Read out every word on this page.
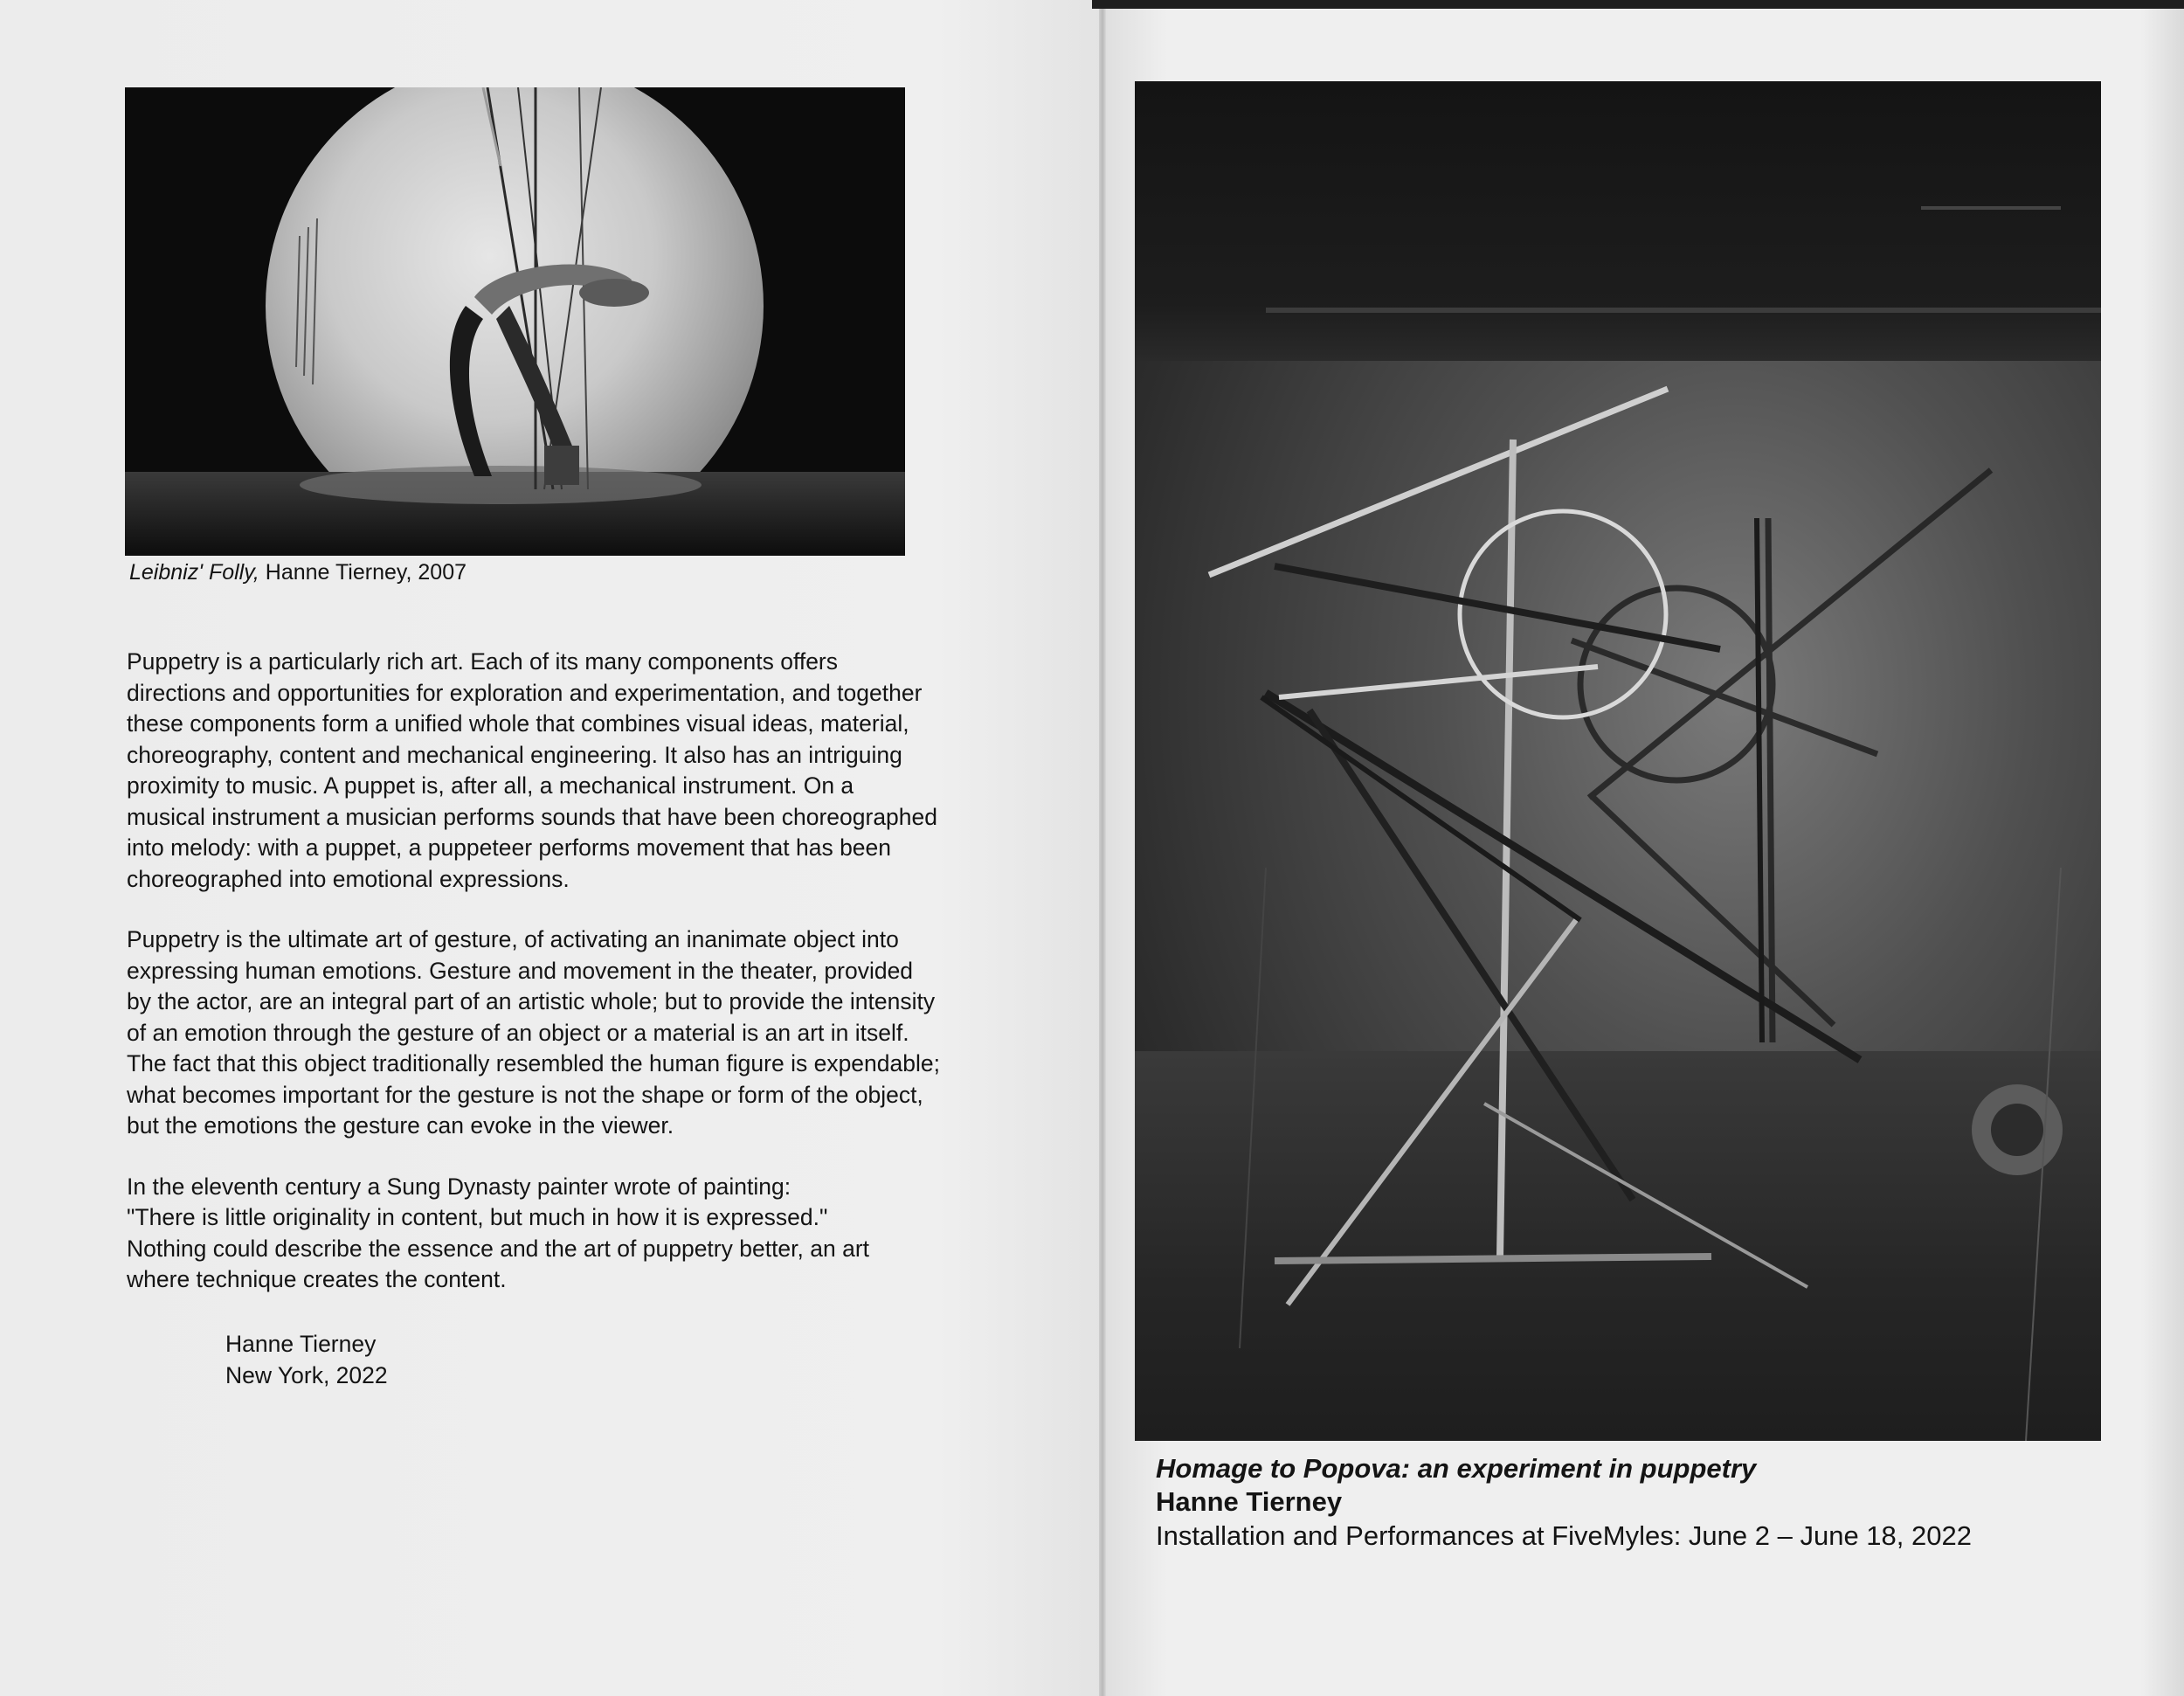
Leibniz' Folly, Hanne Tierney, 2007

Puppetry is a particularly rich art. Each of its many components offers
directions and opportunities for exploration and experimentation, and together
these components form a unified whole that combines visual ideas, material,
choreography, content and mechanical engineering. It also has an intriguing
proximity to music. A puppet is, after all, a mechanical instrument. On a
musical instrument a musician performs sounds that have been choreographed
into melody: with a puppet, a puppeteer performs movement that has been
choreographed into emotional expressions.

Puppetry is the ultimate art of gesture, of activating an inanimate object into
expressing human emotions. Gesture and movement in the theater, provided
by the actor, are an integral part of an artistic whole; but to provide the intensity
of an emotion through the gesture of an object or a material is an art in itself.
The fact that this object traditionally resembled the human figure is expendable;
what becomes important for the gesture is not the shape or form of the object,
but the emotions the gesture can evoke in the viewer.

In the eleventh century a Sung Dynasty painter wrote of painting:
"There is little originality in content, but much in how it is expressed."
Nothing could describe the essence and the art of puppetry better, an art
where technique creates the content.

Hanne Tierney
New York, 2022
Homage to Popova: an experiment in puppetry
Hanne Tierney
Installation and Performances at FiveMyles: June 2 – June 18, 2022
